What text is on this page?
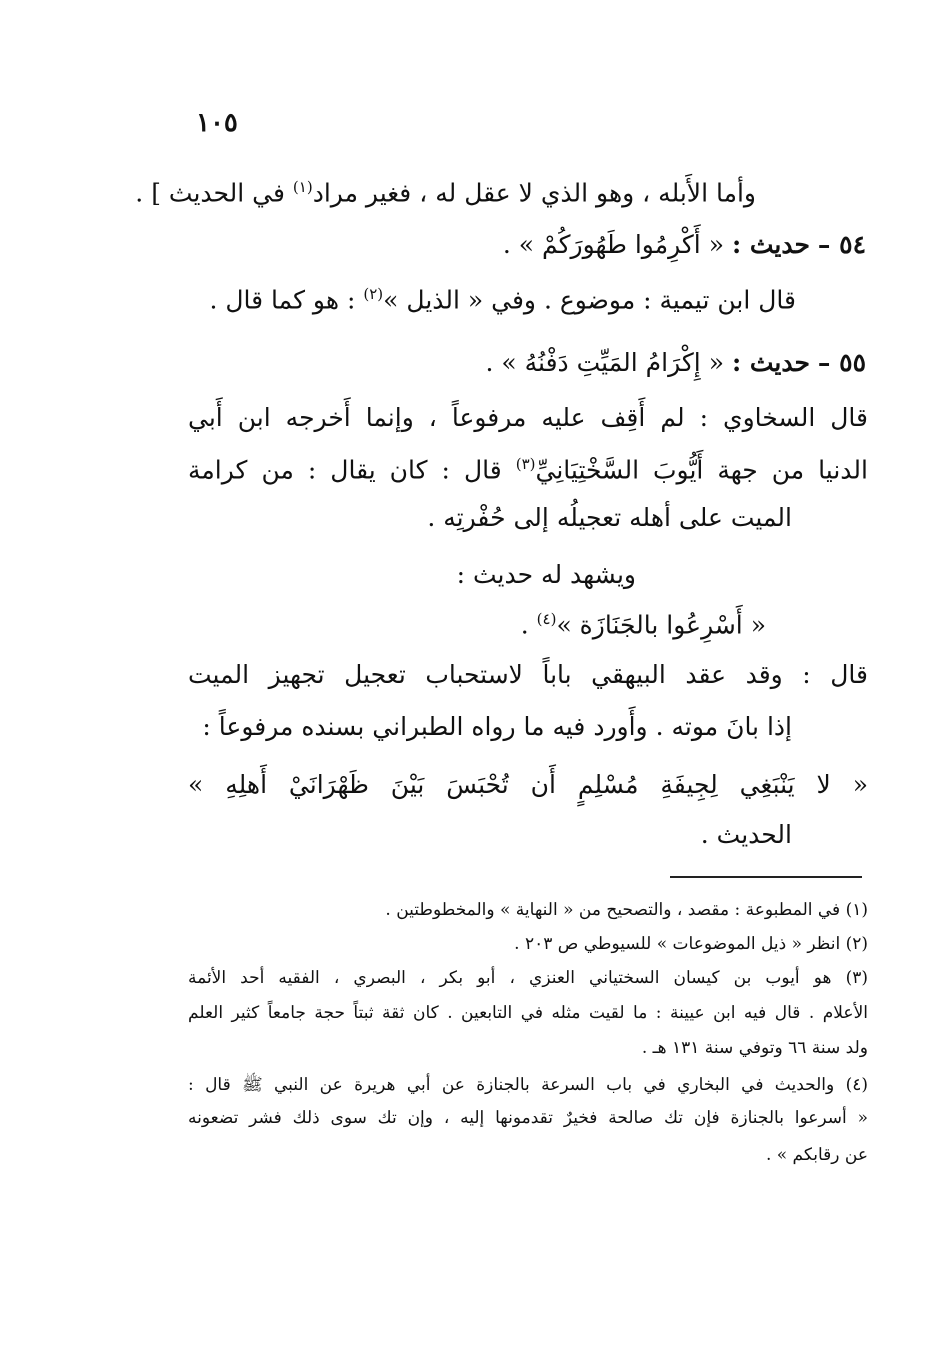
١٠٥
وأما الأَبله ، وهو الذي لا عقل له ، فغير مراد$^{(١)}$ في الحديث ] .
٥٤ – حديث : « أَكْرِمُوا طَهُورَكُمْ » .
قال ابن تيمية : موضوع . وفي « الذيل »$^{(٢)}$ : هو كما قال .
٥٥ – حديث : « إِكْرَامُ المَيِّتِ دَفْنُهُ » .
قال السخاوي : لم أَقِف عليه مرفوعاً ، وإنما أَخرجه ابن أَبي
الدنيا من جهة أَيُّوبَ السَّخْتِيَانِيِّ$^{(٣)}$ قال : كان يقال : من كرامة
الميت على أهله تعجيلُه إلى حُفْرتِه .
ويشهد له حديث :
« أَسْرِعُوا بالجَنَازَة »$^{(٤)}$ .
قال : وقد عقد البيهقي باباً لاستحباب تعجيل تجهيز الميت
إذا بانَ موته . وأَورد فيه ما رواه الطبراني بسنده مرفوعاً :
« لا يَنْبَغِي لِجِيفَةِ مُسْلِمٍ أَن تُحْبَسَ بَيْنَ ظَهْرَانَيْ أَهلِهِ »
الحديث .
(١) في المطبوعة : مقصد ، والتصحيح من « النهاية » والمخطوطتين .
(٢) انظر « ذيل الموضوعات » للسيوطي ص ٢٠٣ .
(٣) هو أيوب بن كيسان السختياني العنزي ، أبو بكر ، البصري ، الفقيه أحد الأئمة
الأعلام . قال فيه ابن عيينة : ما لقيت مثله في التابعين . كان ثقة ثبتاً حجة جامعاً كثير العلم
ولد سنة ٦٦ وتوفي سنة ١٣١ هـ .
(٤) والحديث في البخاري في باب السرعة بالجنازة عن أبي هريرة عن النبي ﷺ قال :
« أسرعوا بالجنازة فإن تك صالحة فخيرٌ تقدمونها إليه ، وإن تك سوى ذلك فشر تضعونه
عن رقابكم » .
